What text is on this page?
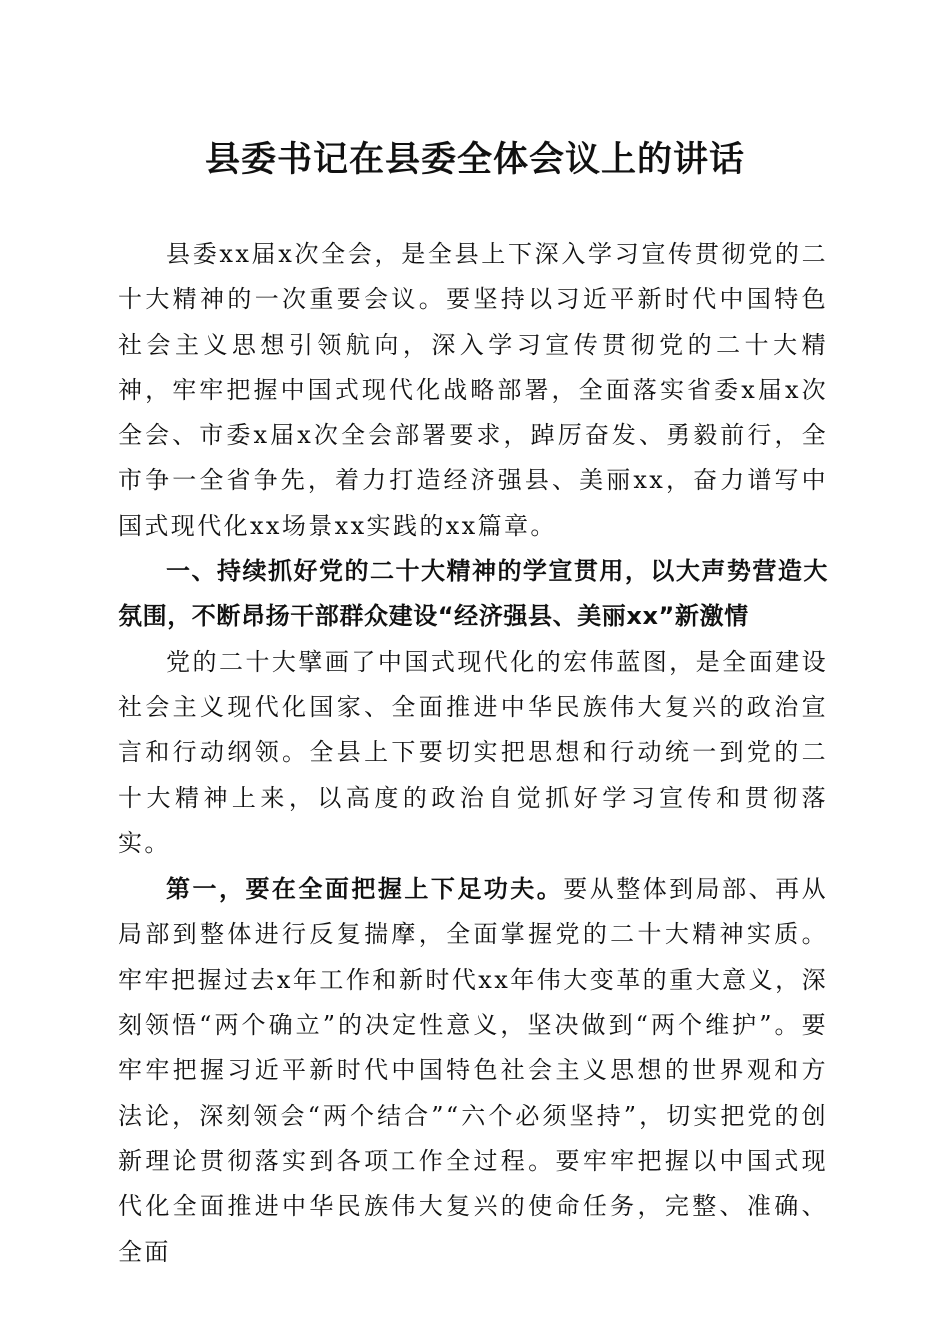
县委书记在县委全体会议上的讲话

县委xx届x次全会，是全县上下深入学习宣传贯彻党的二十大精神的一次重要会议。要坚持以习近平新时代中国特色社会主义思想引领航向，深入学习宣传贯彻党的二十大精神，牢牢把握中国式现代化战略部署，全面落实省委x届x次全会、市委x届x次全会部署要求，踔厉奋发、勇毅前行，全市争一全省争先，着力打造经济强县、美丽xx，奋力谱写中国式现代化xx场景xx实践的xx篇章。

一、持续抓好党的二十大精神的学宣贯用，以大声势营造大氛围，不断昂扬干部群众建设“经济强县、美丽xx”新激情

党的二十大擘画了中国式现代化的宏伟蓝图，是全面建设社会主义现代化国家、全面推进中华民族伟大复兴的政治宣言和行动纲领。全县上下要切实把思想和行动统一到党的二十大精神上来，以高度的政治自觉抓好学习宣传和贯彻落实。

第一，要在全面把握上下足功夫。要从整体到局部、再从局部到整体进行反复揣摩，全面掌握党的二十大精神实质。牢牢把握过去x年工作和新时代xx年伟大变革的重大意义，深刻领悟“两个确立”的决定性意义，坚决做到“两个维护”。要牢牢把握习近平新时代中国特色社会主义思想的世界观和方法论，深刻领会“两个结合”“六个必须坚持”，切实把党的创新理论贯彻落实到各项工作全过程。要牢牢把握以中国式现代化全面推进中华民族伟大复兴的使命任务，完整、准确、全面
